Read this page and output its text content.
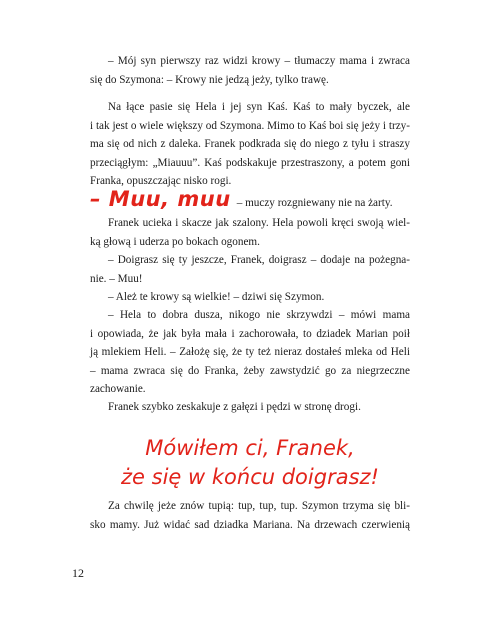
– Mój syn pierwszy raz widzi krowy – tłumaczy mama i zwraca
się do Szymona: – Krowy nie jedzą jeży, tylko trawę.
Na łące pasie się Hela i jej syn Kaś. Kaś to mały byczek, ale
i tak jest o wiele większy od Szymona. Mimo to Kaś boi się jeży i trzy-
ma się od nich z daleka. Franek podkrada się do niego z tyłu i straszy
przeciągłym: „Miauuu”. Kaś podskakuje przestraszony, a potem goni
Franka, opuszczając nisko rogi.
– Muu, muu – muczy rozgniewany nie na żarty.
Franek ucieka i skacze jak szalony. Hela powoli kręci swoją wiel-
ką głową i uderza po bokach ogonem.
– Doigrasz się ty jeszcze, Franek, doigrasz – dodaje na pożegna-
nie. – Muu!
– Ależ te krowy są wielkie! – dziwi się Szymon.
– Hela to dobra dusza, nikogo nie skrzywdzi – mówi mama
i opowiada, że jak była mała i zachorowała, to dziadek Marian poił
ją mlekiem Heli. – Założę się, że ty też nieraz dostałeś mleka od Heli
– mama zwraca się do Franka, żeby zawstydzić go za niegrzeczne
zachowanie.
Franek szybko zeskakuje z gałęzi i pędzi w stronę drogi.
Mówiłem ci, Franek,
że się w końcu doigrasz!
Za chwilę jeże znów tupią: tup, tup, tup. Szymon trzyma się bli-
sko mamy. Już widać sad dziadka Mariana. Na drzewach czerwienią
12
